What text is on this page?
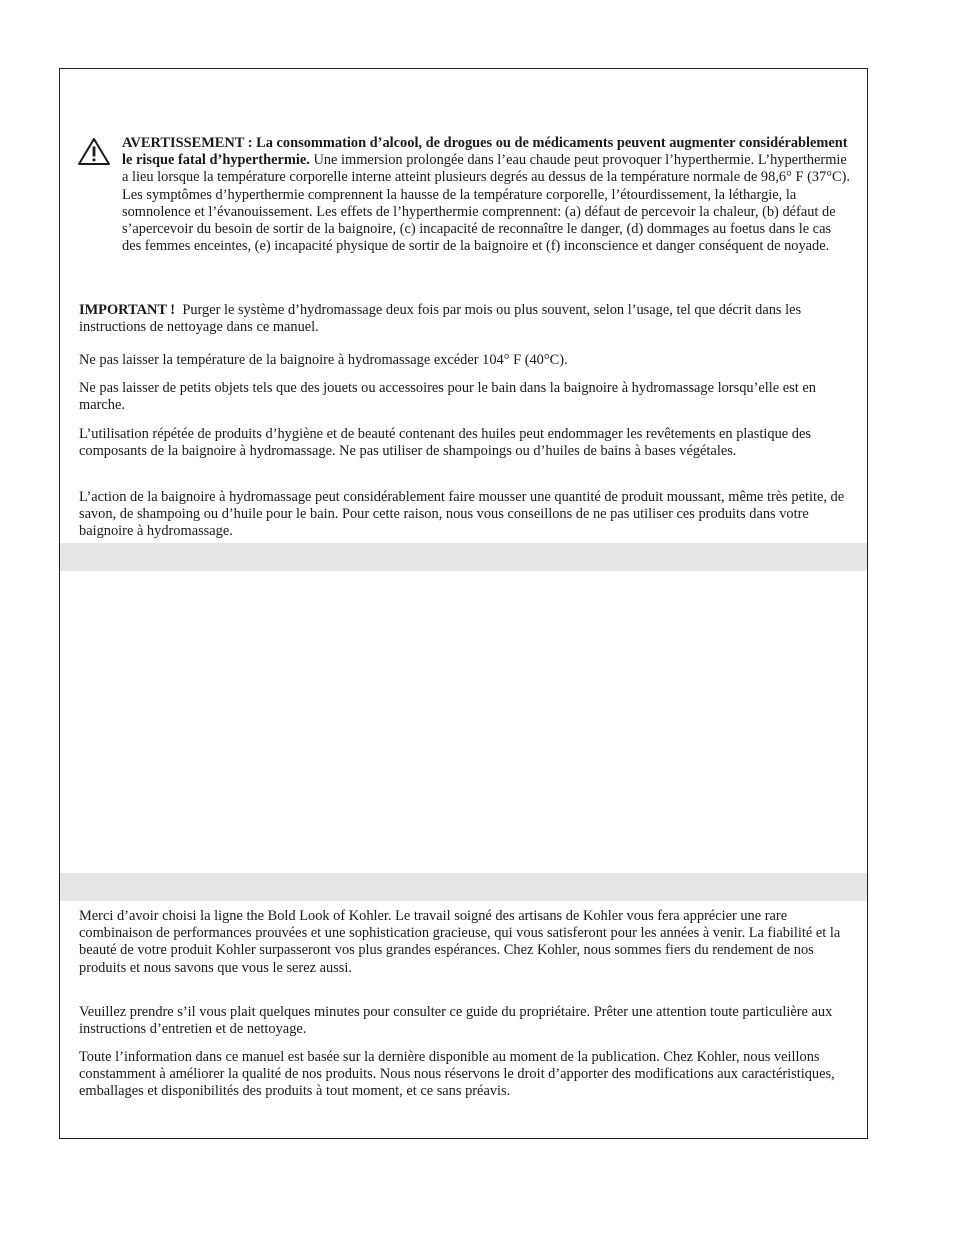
AVERTISSEMENT : La consommation d’alcool, de drogues ou de médicaments peuvent augmenter considérablement le risque fatal d’hyperthermie. Une immersion prolongée dans l’eau chaude peut provoquer l’hyperthermie. L’hyperthermie a lieu lorsque la température corporelle interne atteint plusieurs degrés au dessus de la température normale de 98,6° F (37°C). Les symptômes d’hyperthermie comprennent la hausse de la température corporelle, l’étourdissement, la léthargie, la somnolence et l’évanouissement. Les effets de l’hyperthermie comprennent: (a) défaut de percevoir la chaleur, (b) défaut de s’apercevoir du besoin de sortir de la baignoire, (c) incapacité de reconnaître le danger, (d) dommages au foetus dans le cas des femmes enceintes, (e) incapacité physique de sortir de la baignoire et (f) inconscience et danger conséquent de noyade.

IMPORTANT ! Purger le système d’hydromassage deux fois par mois ou plus souvent, selon l’usage, tel que décrit dans les instructions de nettoyage dans ce manuel.

Ne pas laisser la température de la baignoire à hydromassage excéder 104° F (40°C).

Ne pas laisser de petits objets tels que des jouets ou accessoires pour le bain dans la baignoire à hydromassage lorsqu’elle est en marche.

L’utilisation répétée de produits d’hygiène et de beauté contenant des huiles peut endommager les revêtements en plastique des composants de la baignoire à hydromassage. Ne pas utiliser de shampoings ou d’huiles de bains à bases végétales.

L’action de la baignoire à hydromassage peut considérablement faire mousser une quantité de produit moussant, même très petite, de savon, de shampoing ou d’huile pour le bain. Pour cette raison, nous vous conseillons de ne pas utiliser ces produits dans votre baignoire à hydromassage.

Merci d’avoir choisi la ligne the Bold Look of Kohler. Le travail soigné des artisans de Kohler vous fera apprécier une rare combinaison de performances prouvées et une sophistication gracieuse, qui vous satisferont pour les années à venir. La fiabilité et la beauté de votre produit Kohler surpasseront vos plus grandes espérances. Chez Kohler, nous sommes fiers du rendement de nos produits et nous savons que vous le serez aussi.

Veuillez prendre s’il vous plait quelques minutes pour consulter ce guide du propriétaire. Prêter une attention toute particulière aux instructions d’entretien et de nettoyage.

Toute l’information dans ce manuel est basée sur la dernière disponible au moment de la publication. Chez Kohler, nous veillons constamment à améliorer la qualité de nos produits. Nous nous réservons le droit d’apporter des modifications aux caractéristiques, emballages et disponibilités des produits à tout moment, et ce sans préavis.
